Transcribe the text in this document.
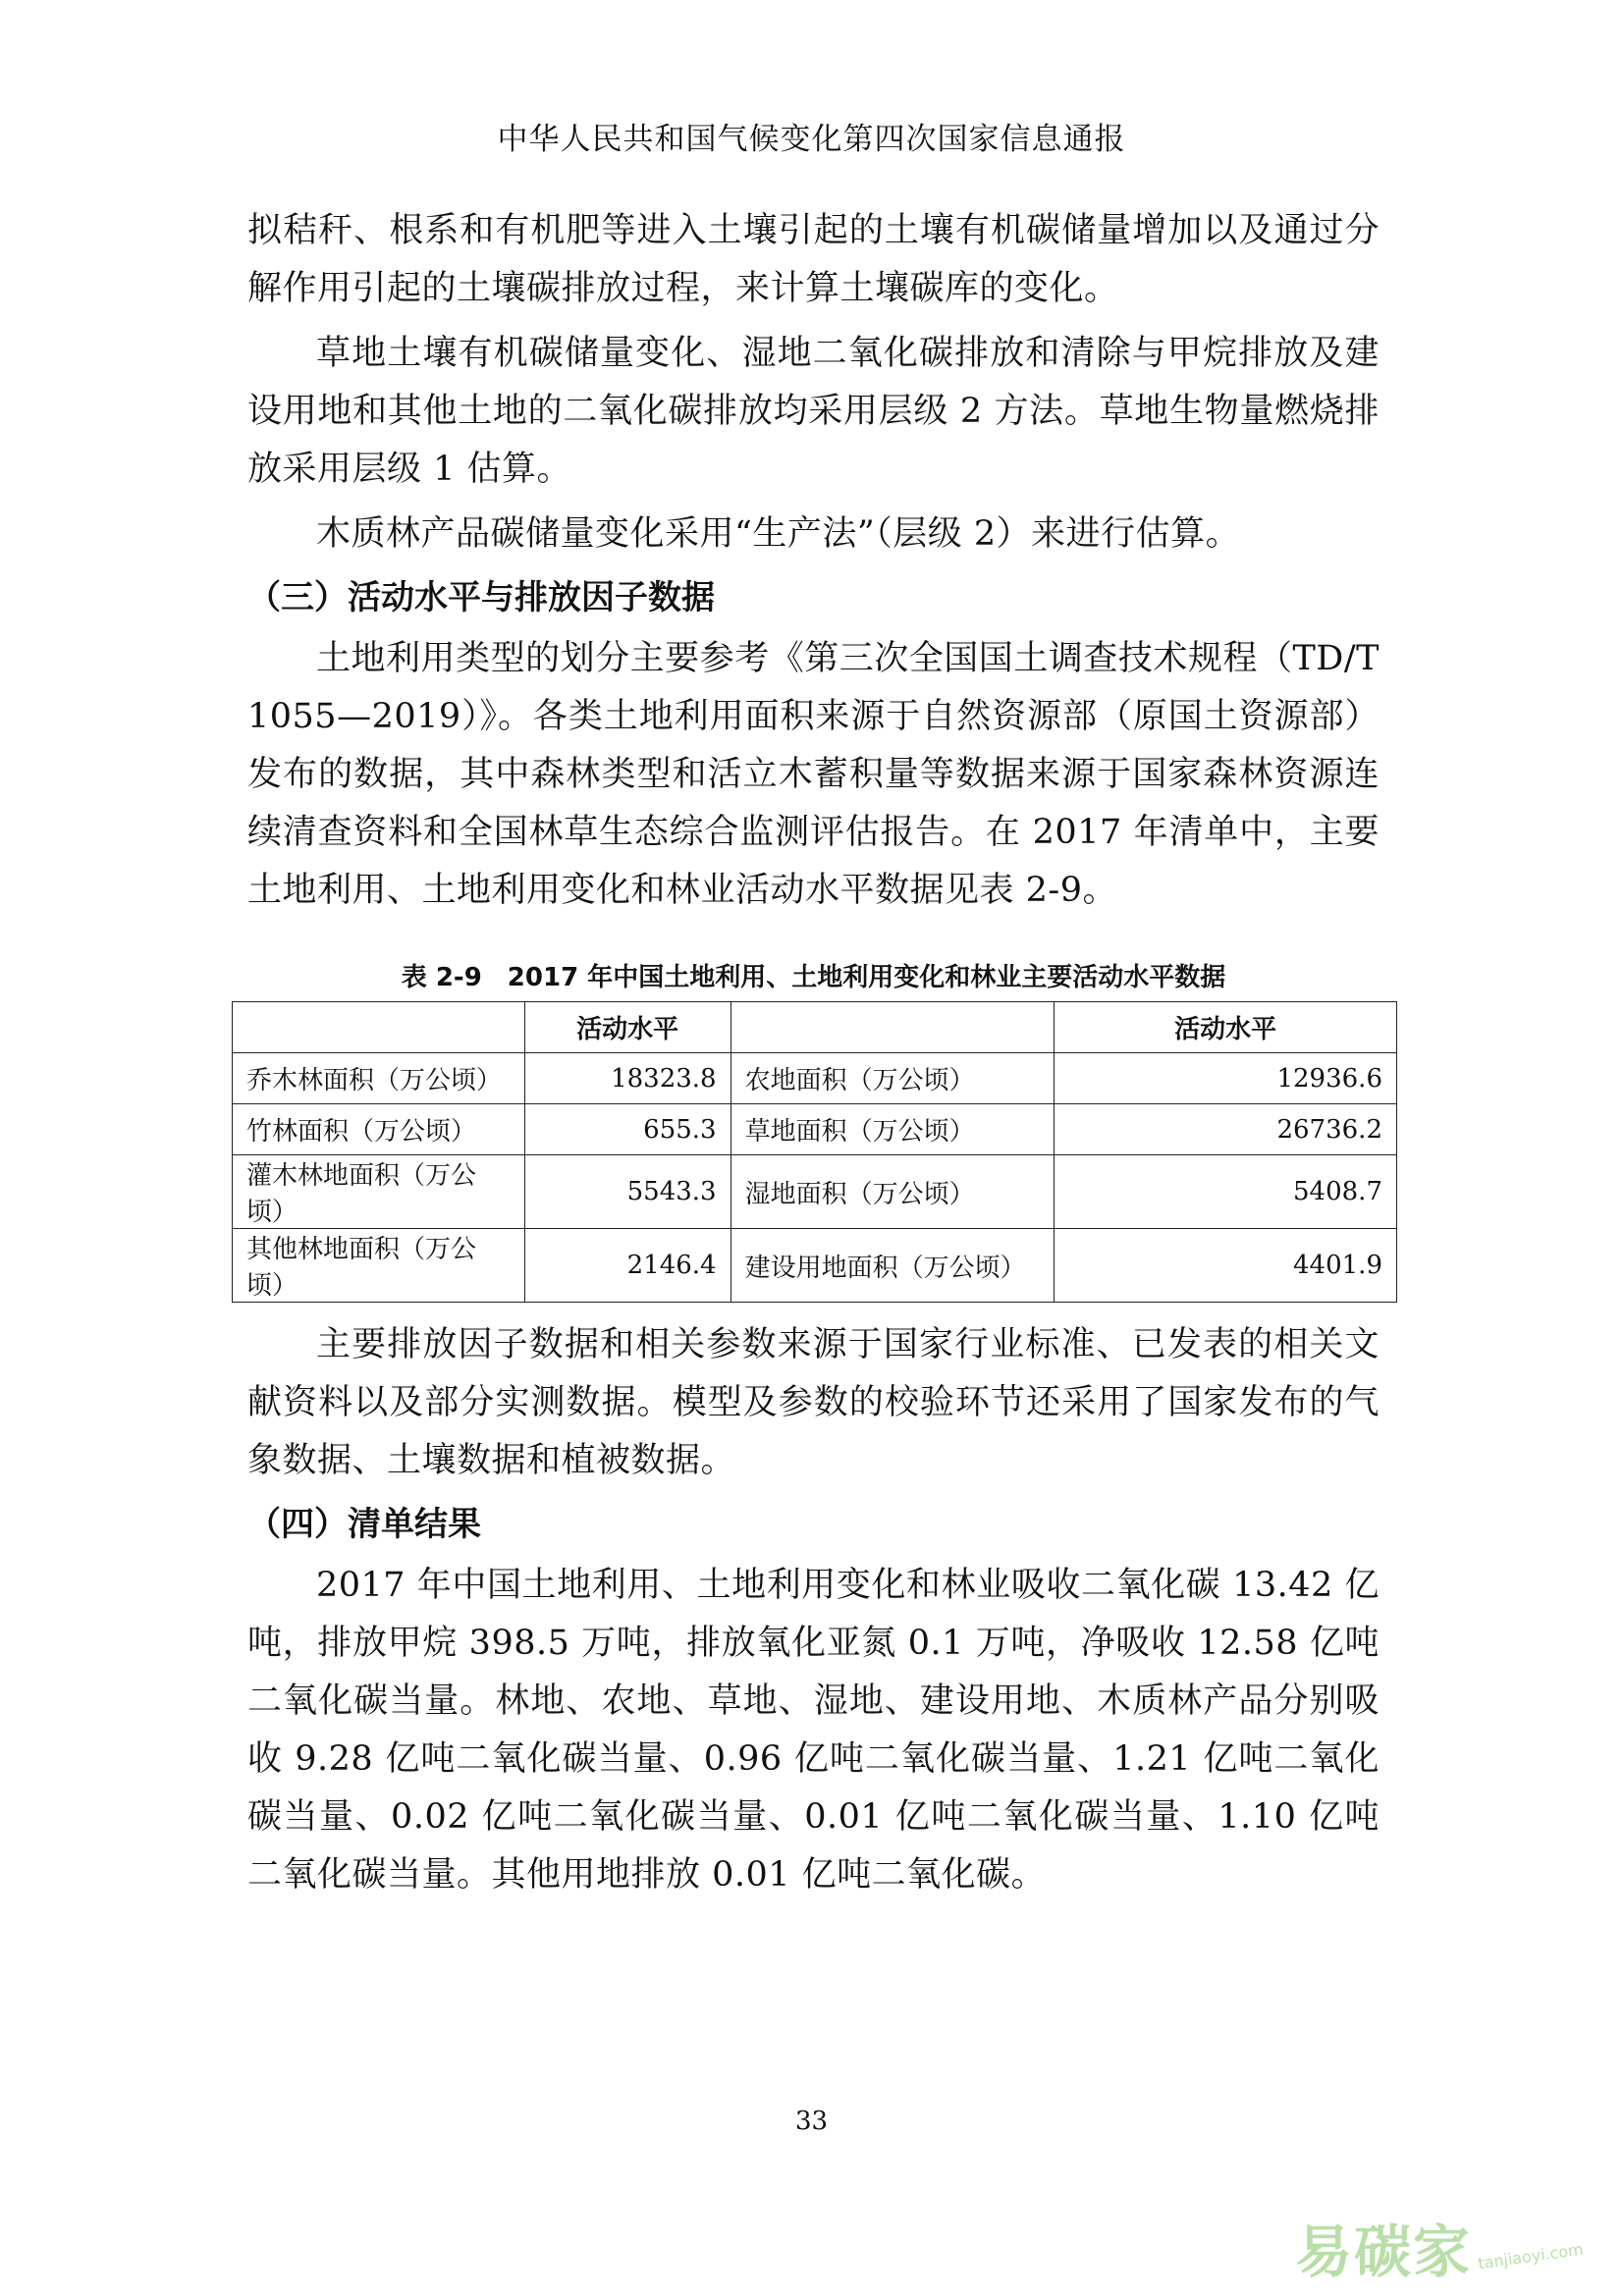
中华人民共和国气候变化第四次国家信息通报

拟秸秆、根系和有机肥等进入土壤引起的土壤有机碳储量增加以及通过分解作用引起的土壤碳排放过程，来计算土壤碳库的变化。

草地土壤有机碳储量变化、湿地二氧化碳排放和清除与甲烷排放及建设用地和其他土地的二氧化碳排放均采用层级 2 方法。草地生物量燃烧排放采用层级 1 估算。

木质林产品碳储量变化采用“生产法”（层级 2）来进行估算。

（三）活动水平与排放因子数据

土地利用类型的划分主要参考《第三次全国国土调查技术规程（TD/T 1055—2019）》。各类土地利用面积来源于自然资源部（原国土资源部）发布的数据，其中森林类型和活立木蓄积量等数据来源于国家森林资源连续清查资料和全国林草生态综合监测评估报告。在 2017 年清单中，主要土地利用、土地利用变化和林业活动水平数据见表 2-9。

表 2-9　2017 年中国土地利用、土地利用变化和林业主要活动水平数据
	活动水平		活动水平
乔木林面积（万公顷）	18323.8	农地面积（万公顷）	12936.6
竹林面积（万公顷）	655.3	草地面积（万公顷）	26736.2
灌木林地面积（万公顷）	5543.3	湿地面积（万公顷）	5408.7
其他林地面积（万公顷）	2146.4	建设用地面积（万公顷）	4401.9

主要排放因子数据和相关参数来源于国家行业标准、已发表的相关文献资料以及部分实测数据。模型及参数的校验环节还采用了国家发布的气象数据、土壤数据和植被数据。

（四）清单结果

2017 年中国土地利用、土地利用变化和林业吸收二氧化碳 13.42 亿吨，排放甲烷 398.5 万吨，排放氧化亚氮 0.1 万吨，净吸收 12.58 亿吨二氧化碳当量。林地、农地、草地、湿地、建设用地、木质林产品分别吸收 9.28 亿吨二氧化碳当量、0.96 亿吨二氧化碳当量、1.21 亿吨二氧化碳当量、0.02 亿吨二氧化碳当量、0.01 亿吨二氧化碳当量、1.10 亿吨二氧化碳当量。其他用地排放 0.01 亿吨二氧化碳。

33
易碳家 tanjiaoyi.com
